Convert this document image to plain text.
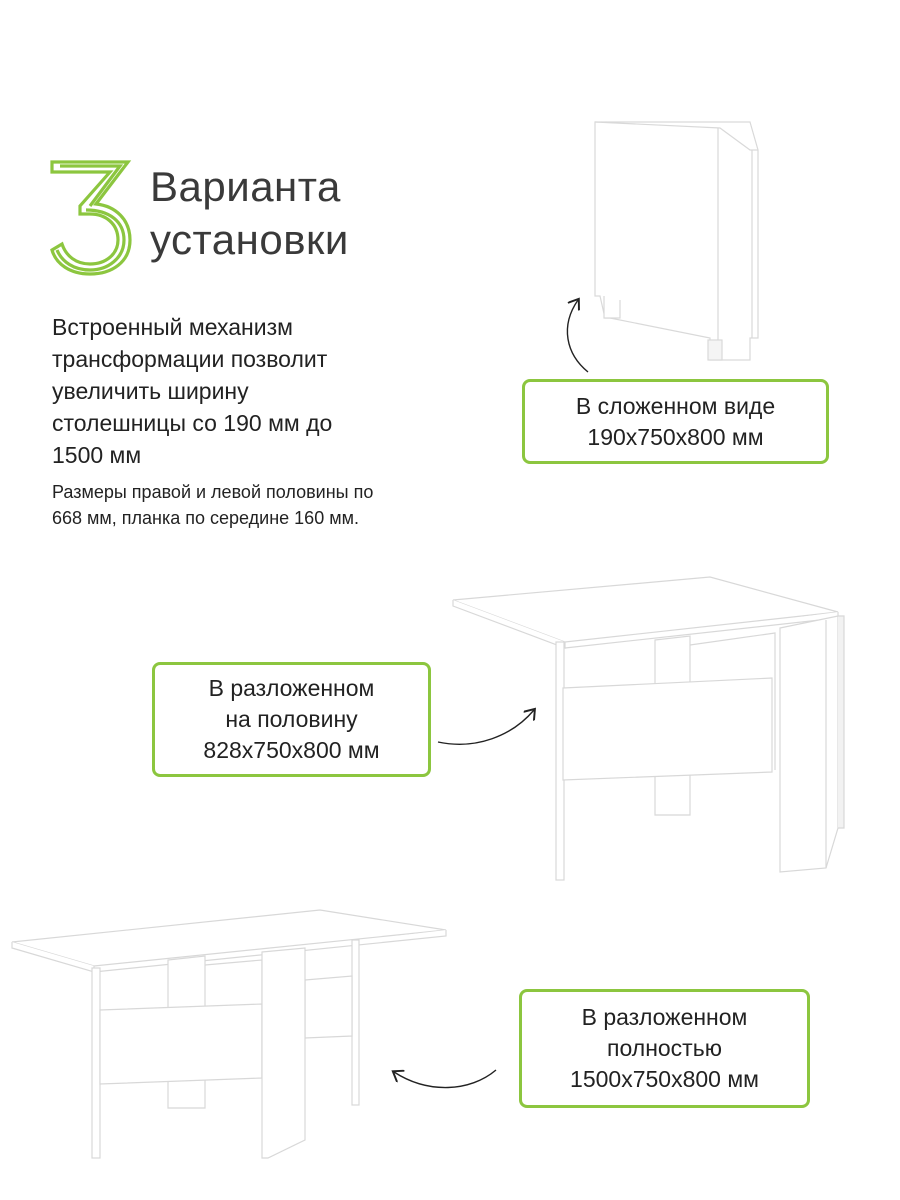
Варианта
установки
Встроенный механизм
трансформации позволит
увеличить ширину
столешницы со 190 мм до
1500 мм
Размеры правой и левой половины по
668 мм, планка по середине 160 мм.
В сложенном виде
190х750х800 мм
В разложенном
на половину
828х750х800 мм
В разложенном
полностью
1500х750х800 мм
